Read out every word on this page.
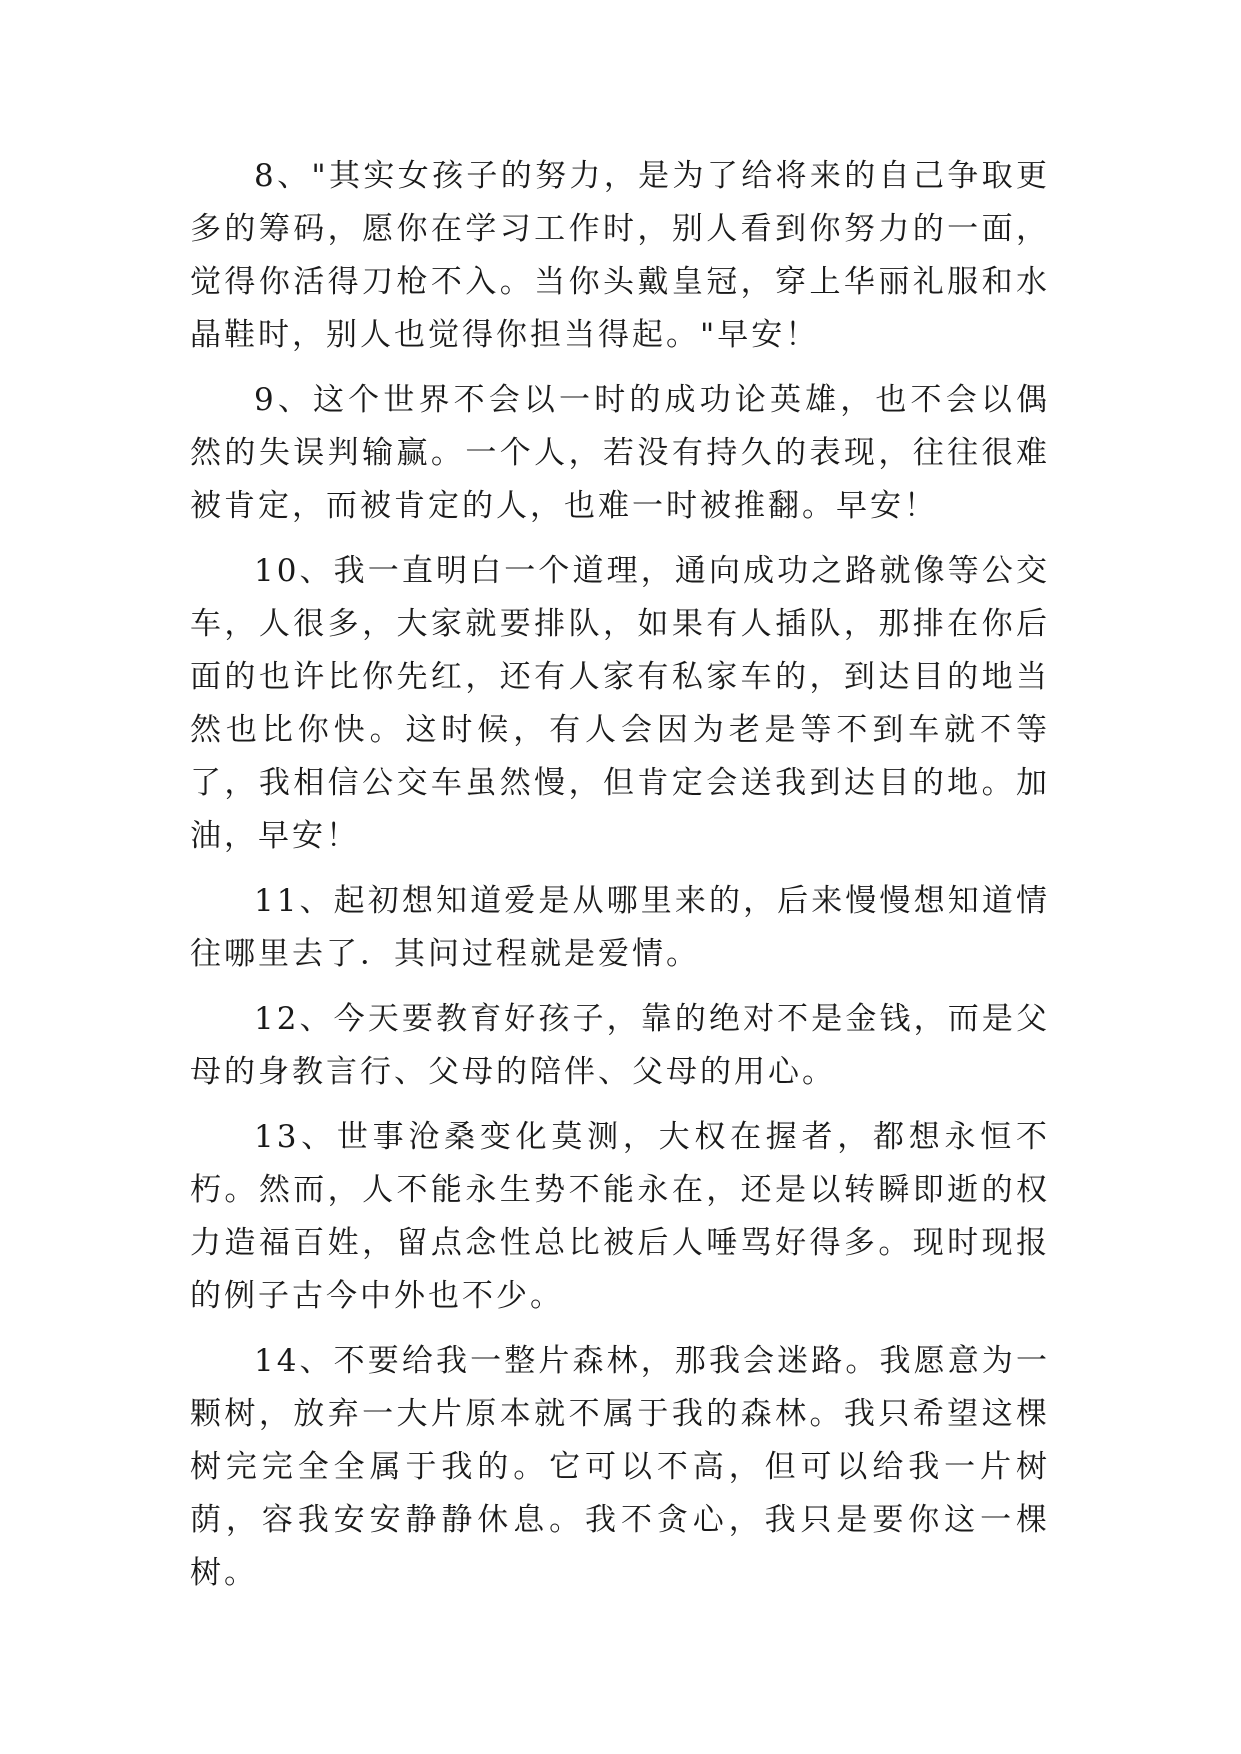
8、"其实女孩子的努力，是为了给将来的自己争取更多的筹码，愿你在学习工作时，别人看到你努力的一面，觉得你活得刀枪不入。当你头戴皇冠，穿上华丽礼服和水晶鞋时，别人也觉得你担当得起。"早安！

9、这个世界不会以一时的成功论英雄，也不会以偶然的失误判输赢。一个人，若没有持久的表现，往往很难被肯定，而被肯定的人，也难一时被推翻。早安！

10、我一直明白一个道理，通向成功之路就像等公交车，人很多，大家就要排队，如果有人插队，那排在你后面的也许比你先红，还有人家有私家车的，到达目的地当然也比你快。这时候，有人会因为老是等不到车就不等了，我相信公交车虽然慢，但肯定会送我到达目的地。加油，早安！

11、起初想知道爱是从哪里来的，后来慢慢想知道情往哪里去了．其问过程就是爱情。

12、今天要教育好孩子，靠的绝对不是金钱，而是父母的身教言行、父母的陪伴、父母的用心。

13、世事沧桑变化莫测，大权在握者，都想永恒不朽。然而，人不能永生势不能永在，还是以转瞬即逝的权力造福百姓，留点念性总比被后人唾骂好得多。现时现报的例子古今中外也不少。

14、不要给我一整片森林，那我会迷路。我愿意为一颗树，放弃一大片原本就不属于我的森林。我只希望这棵树完完全全属于我的。它可以不高，但可以给我一片树荫，容我安安静静休息。我不贪心，我只是要你这一棵树。
